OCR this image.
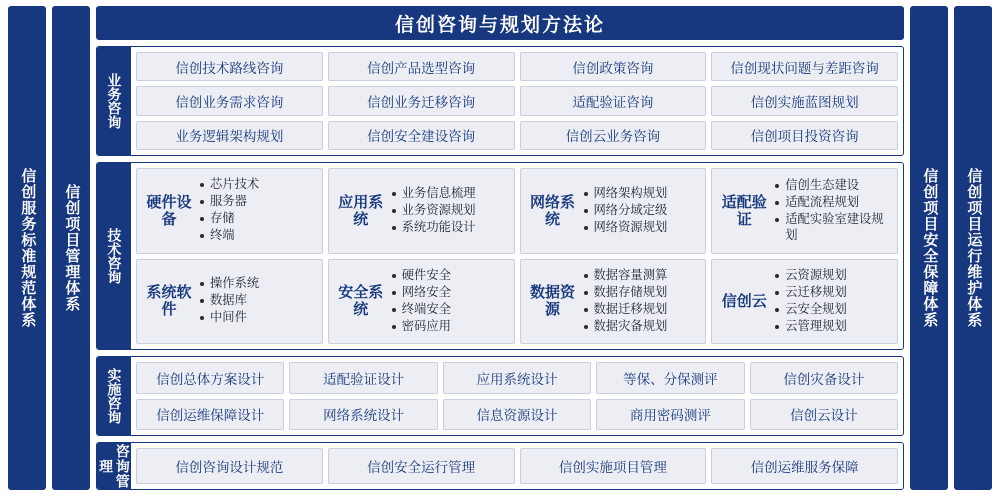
信创服务标准规范体系 信创项目管理体系	信创项目安全保障体系 信创项目运行维护体系
信创咨询与规划方法论
业务咨询
信创技术路线咨询	信创产品选型咨询	信创政策咨询	信创现状问题与差距咨询
信创业务需求咨询	信创业务迁移咨询	适配验证咨询	信创实施蓝图规划
业务逻辑架构规划	信创安全建设咨询	信创云业务咨询	信创项目投资咨询
技术咨询
硬件设备
芯片技术
服务器
存储
终端
应用系统
业务信息梳理
业务资源规划
系统功能设计
网络系统
网络架构规划
网络分域定级
网络资源规划
适配验证
信创生态建设
适配流程规划
适配实验室建设规划
系统软件
操作系统
数据库
中间件
安全系统
硬件安全
网络安全
终端安全
密码应用
数据资源
数据容量测算
数据存储规划
数据迁移规划
数据灾备规划
信创云
云资源规划
云迁移规划
云安全规划
云管理规划
实施咨询	信创总体方案设计	适配验证设计	应用系统设计	等保、分保测评	信创灾备设计
信创运维保障设计	网络系统设计	信息资源设计	商用密码测评	信创云设计
咨询管理	信创咨询设计规范	信创安全运行管理	信创实施项目管理	信创运维服务保障
